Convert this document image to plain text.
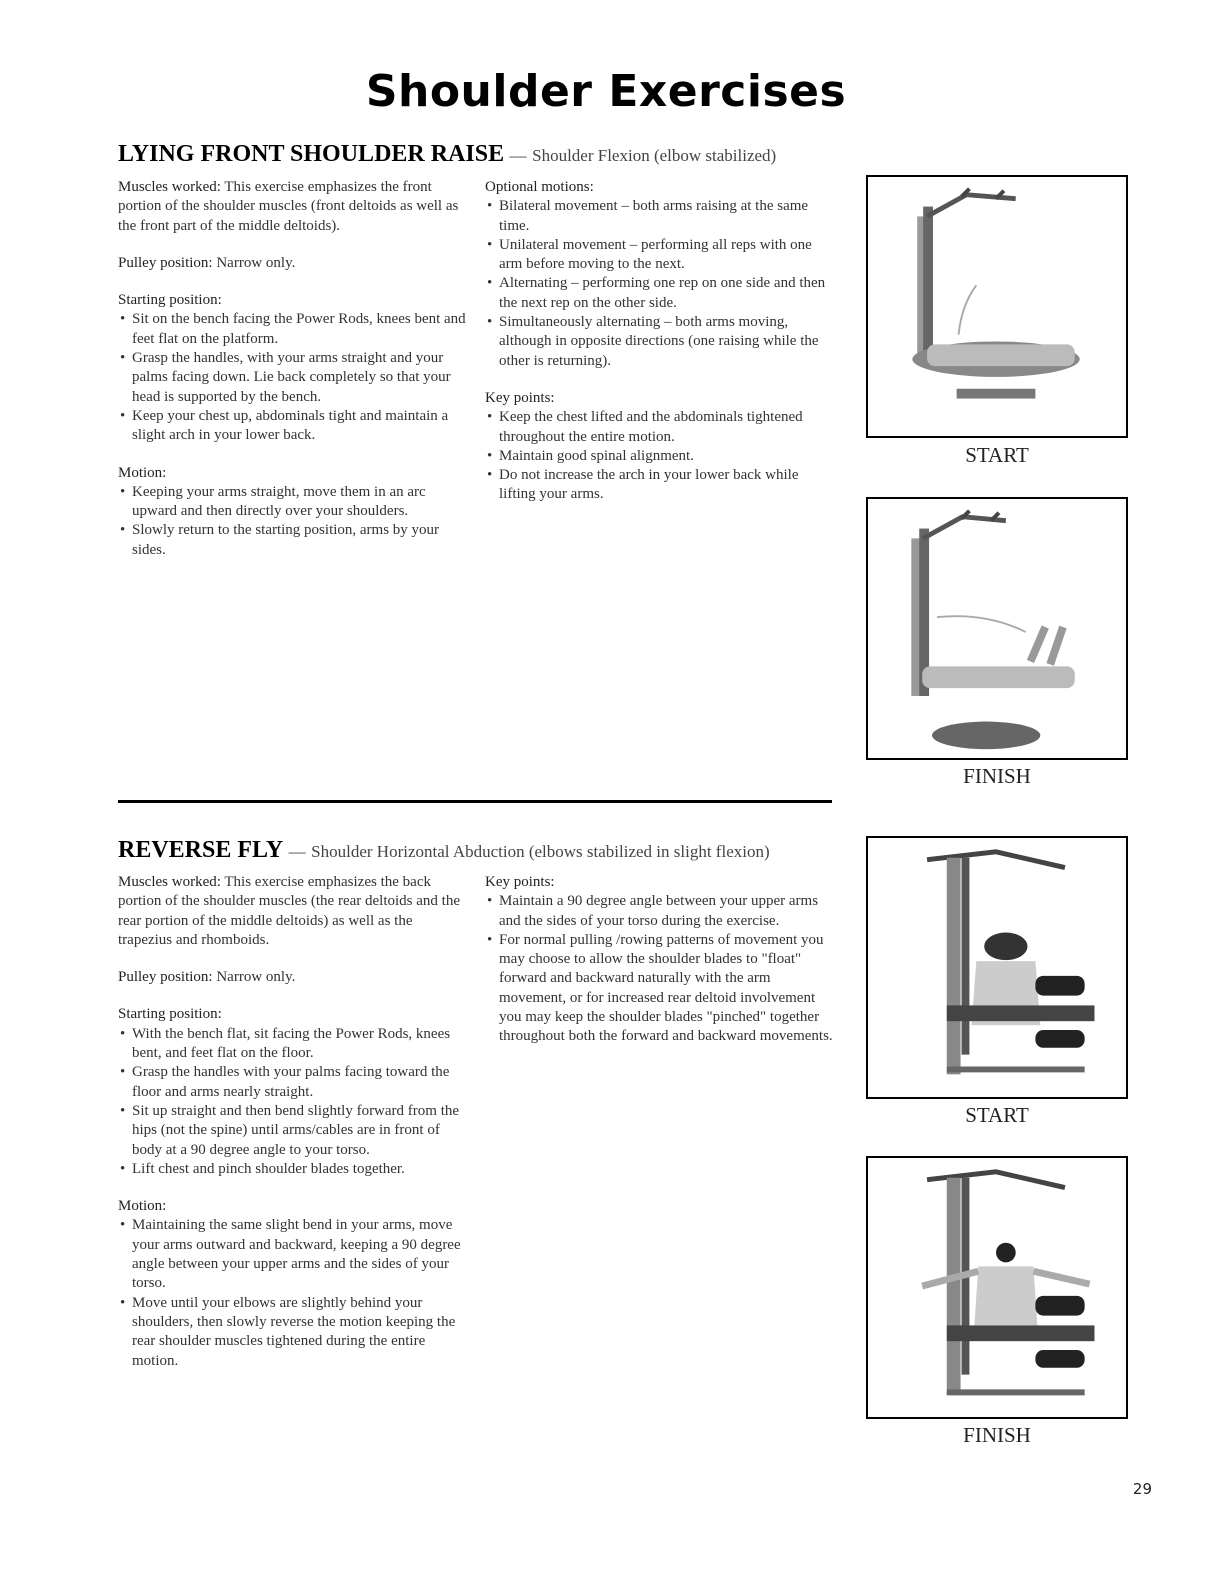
Shoulder Exercises
LYING FRONT SHOULDER RAISE — Shoulder Flexion (elbow stabilized)

Muscles worked: This exercise emphasizes the front portion of the shoulder muscles (front deltoids as well as the front part of the middle deltoids).

Pulley position: Narrow only.

Starting position:

• Sit on the bench facing the Power Rods, knees bent and feet flat on the platform.
• Grasp the handles, with your arms straight and your palms facing down. Lie back completely so that your head is supported by the bench.
• Keep your chest up, abdominals tight and maintain a slight arch in your lower back.

Motion:

• Keeping your arms straight, move them in an arc upward and then directly over your shoulders.
• Slowly return to the starting position, arms by your sides.

Optional motions:

• Bilateral movement – both arms raising at the same time.
• Unilateral movement – performing all reps with one arm before moving to the next.
• Alternating – performing one rep on one side and then the next rep on the other side.
• Simultaneously alternating – both arms moving, although in opposite directions (one raising while the other is returning).

Key points:

• Keep the chest lifted and the abdominals tightened throughout the entire motion.
• Maintain good spinal alignment.
• Do not increase the arch in your lower back while lifting your arms.
START
FINISH
REVERSE FLY — Shoulder Horizontal Abduction (elbows stabilized in slight flexion)

Muscles worked: This exercise emphasizes the back portion of the shoulder muscles (the rear deltoids and the rear portion of the middle deltoids) as well as the trapezius and rhomboids.

Pulley position: Narrow only.

Starting position:

• With the bench flat, sit facing the Power Rods, knees bent, and feet flat on the floor.
• Grasp the handles with your palms facing toward the floor and arms nearly straight.
• Sit up straight and then bend slightly forward from the hips (not the spine) until arms/cables are in front of body at a 90 degree angle to your torso.
• Lift chest and pinch shoulder blades together.

Motion:

• Maintaining the same slight bend in your arms, move your arms outward and backward, keeping a 90 degree angle between your upper arms and the sides of your torso.
• Move until your elbows are slightly behind your shoulders, then slowly reverse the motion keeping the rear shoulder muscles tightened during the entire motion.

Key points:

• Maintain a 90 degree angle between your upper arms and the sides of your torso during the exercise.
• For normal pulling /rowing patterns of movement you may choose to allow the shoulder blades to "float" forward and backward naturally with the arm movement, or for increased rear deltoid involvement you may keep the shoulder blades "pinched" together throughout both the forward and backward movements.
START
FINISH
29
